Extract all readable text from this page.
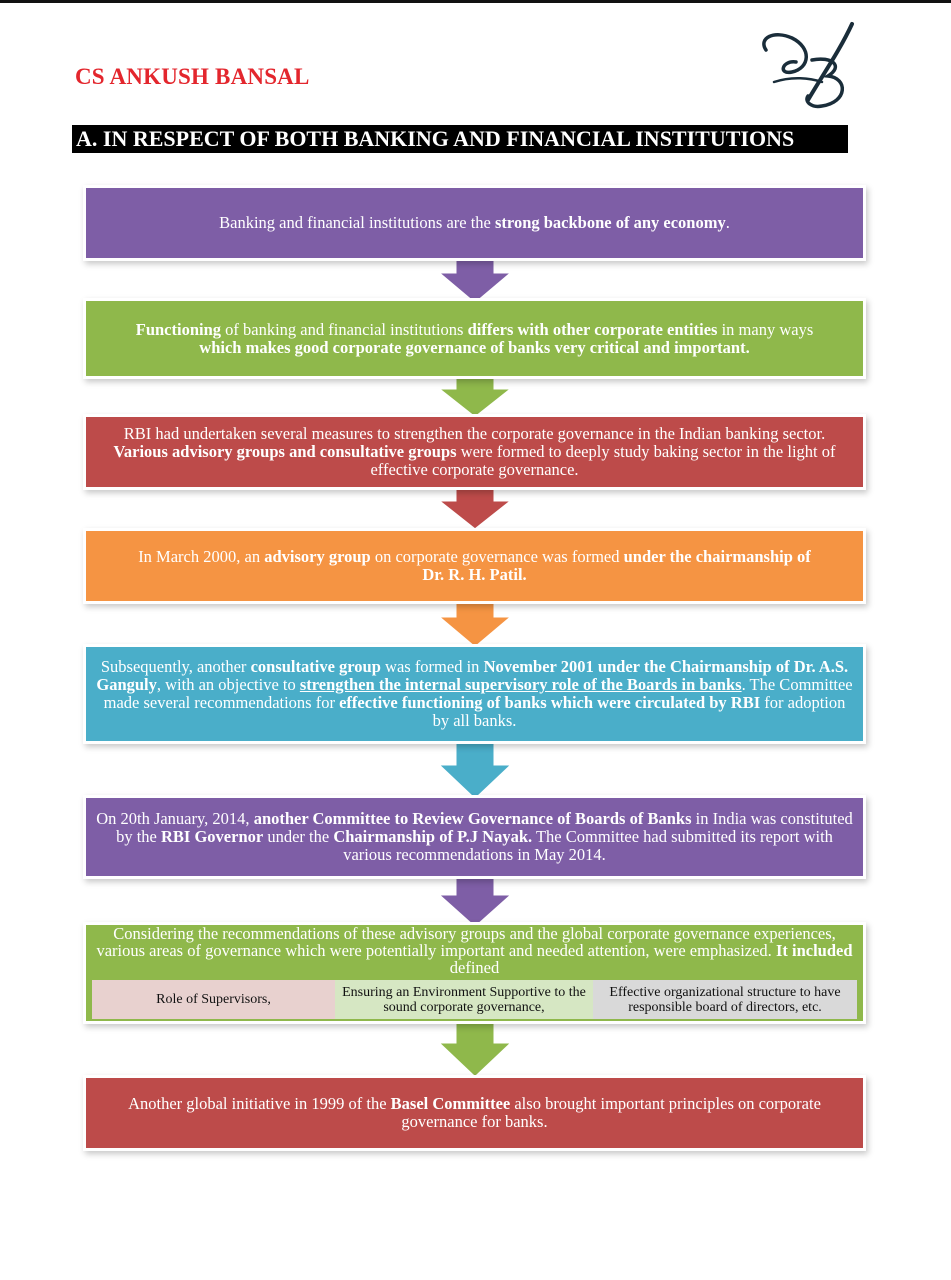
CS ANKUSH BANSAL
A. IN RESPECT OF BOTH BANKING AND FINANCIAL INSTITUTIONS
Banking and financial institutions are the strong backbone of any economy.
Functioning of banking and financial institutions differs with other corporate entities in many ways
which makes good corporate governance of banks very critical and important.
RBI had undertaken several measures to strengthen the corporate governance in the Indian banking sector. Various advisory groups and consultative groups were formed to deeply study baking sector in the light of effective corporate governance.
In March 2000, an advisory group on corporate governance was formed under the chairmanship of
Dr. R. H. Patil.
Subsequently, another consultative group was formed in November 2001 under the Chairmanship of Dr. A.S. Ganguly, with an objective to strengthen the internal supervisory role of the Boards in banks. The Committee made several recommendations for effective functioning of banks which were circulated by RBI for adoption by all banks.
On 20th January, 2014, another Committee to Review Governance of Boards of Banks in India was constituted by the RBI Governor under the Chairmanship of P.J Nayak. The Committee had submitted its report with various recommendations in May 2014.
Considering the recommendations of these advisory groups and the global corporate governance experiences, various areas of governance which were potentially important and needed attention, were emphasized. It included defined
Role of Supervisors,	Ensuring an Environment Supportive to the sound corporate governance,
Effective organizational structure to have responsible board of directors, etc.
Another global initiative in 1999 of the Basel Committee also brought important principles on corporate governance for banks.
